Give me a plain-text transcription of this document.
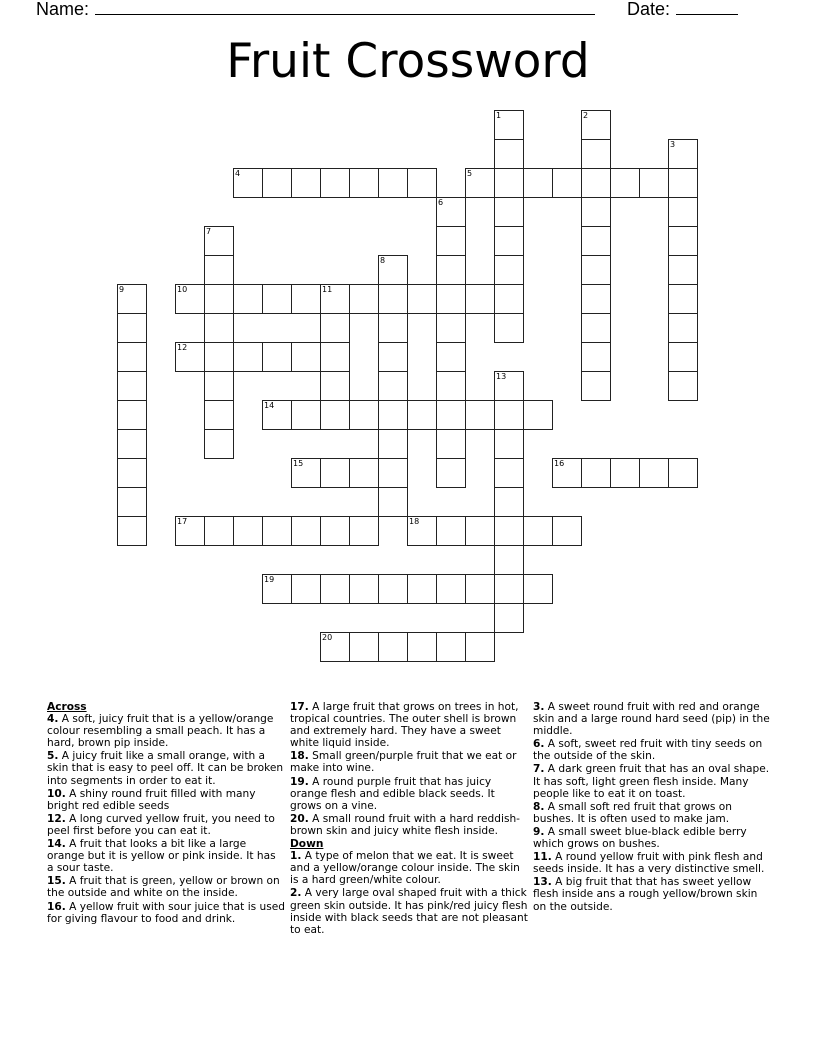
Name:	Date:
Fruit Crossword
1	2
3
6
7
8
9	11
13
4	5
10
12
14
15	16
17	18
19
20
Across
4. A soft, juicy fruit that is a yellow/orange colour resembling a small peach. It has a hard, brown pip inside.
5. A juicy fruit like a small orange, with a skin that is easy to peel off. It can be broken into segments in order to eat it.
10. A shiny round fruit filled with many bright red edible seeds
12. A long curved yellow fruit, you need to peel first before you can eat it.
14. A fruit that looks a bit like a large orange but it is yellow or pink inside. It has a sour taste.
15. A fruit that is green, yellow or brown on the outside and white on the inside.
16. A yellow fruit with sour juice that is used for giving flavour to food and drink.
17. A large fruit that grows on trees in hot, tropical countries. The outer shell is brown and extremely hard. They have a sweet white liquid inside.
18. Small green/purple fruit that we eat or make into wine.
19. A round purple fruit that has juicy orange flesh and edible black seeds. It grows on a vine.
20. A small round fruit with a hard reddish-brown skin and juicy white flesh inside.
Down
1. A type of melon that we eat. It is sweet and a yellow/orange colour inside. The skin is a hard green/white colour.
2. A very large oval shaped fruit with a thick green skin outside. It has pink/red juicy flesh inside with black seeds that are not pleasant to eat.
3. A sweet round fruit with red and orange skin and a large round hard seed (pip) in the middle.
6. A soft, sweet red fruit with tiny seeds on the outside of the skin.
7. A dark green fruit that has an oval shape. It has soft, light green flesh inside. Many people like to eat it on toast.
8. A small soft red fruit that grows on bushes. It is often used to make jam.
9. A small sweet blue-black edible berry which grows on bushes.
11. A round yellow fruit with pink flesh and seeds inside. It has a very distinctive smell.
13. A big fruit that that has sweet yellow flesh inside ans a rough yellow/brown skin on the outside.
